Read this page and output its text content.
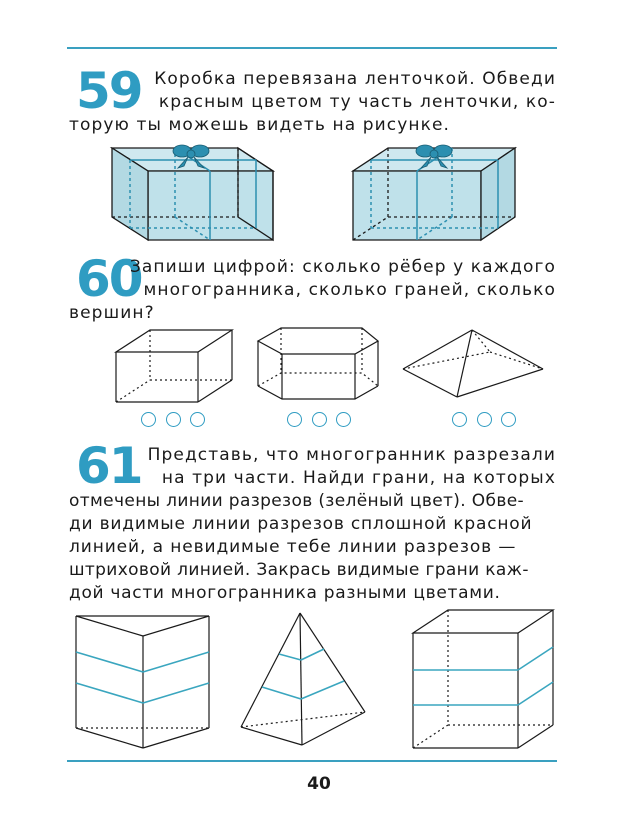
59 Коробка перевязана ленточкой. Обведи
красным цветом ту часть ленточки, ко-
торую ты можешь видеть на рисунке.
60
Запиши цифрой: сколько рёбер у каждого
многогранника, сколько граней, сколько
вершин?
61 Представь, что многогранник разрезали
на три части. Найди грани, на которых
отмечены линии разрезов (зелёный цвет). Обве-
ди видимые линии разрезов сплошной красной
линией, а невидимые тебе линии разрезов —
штриховой линией. Закрась видимые грани каж-
дой части многогранника разными цветами.
40
